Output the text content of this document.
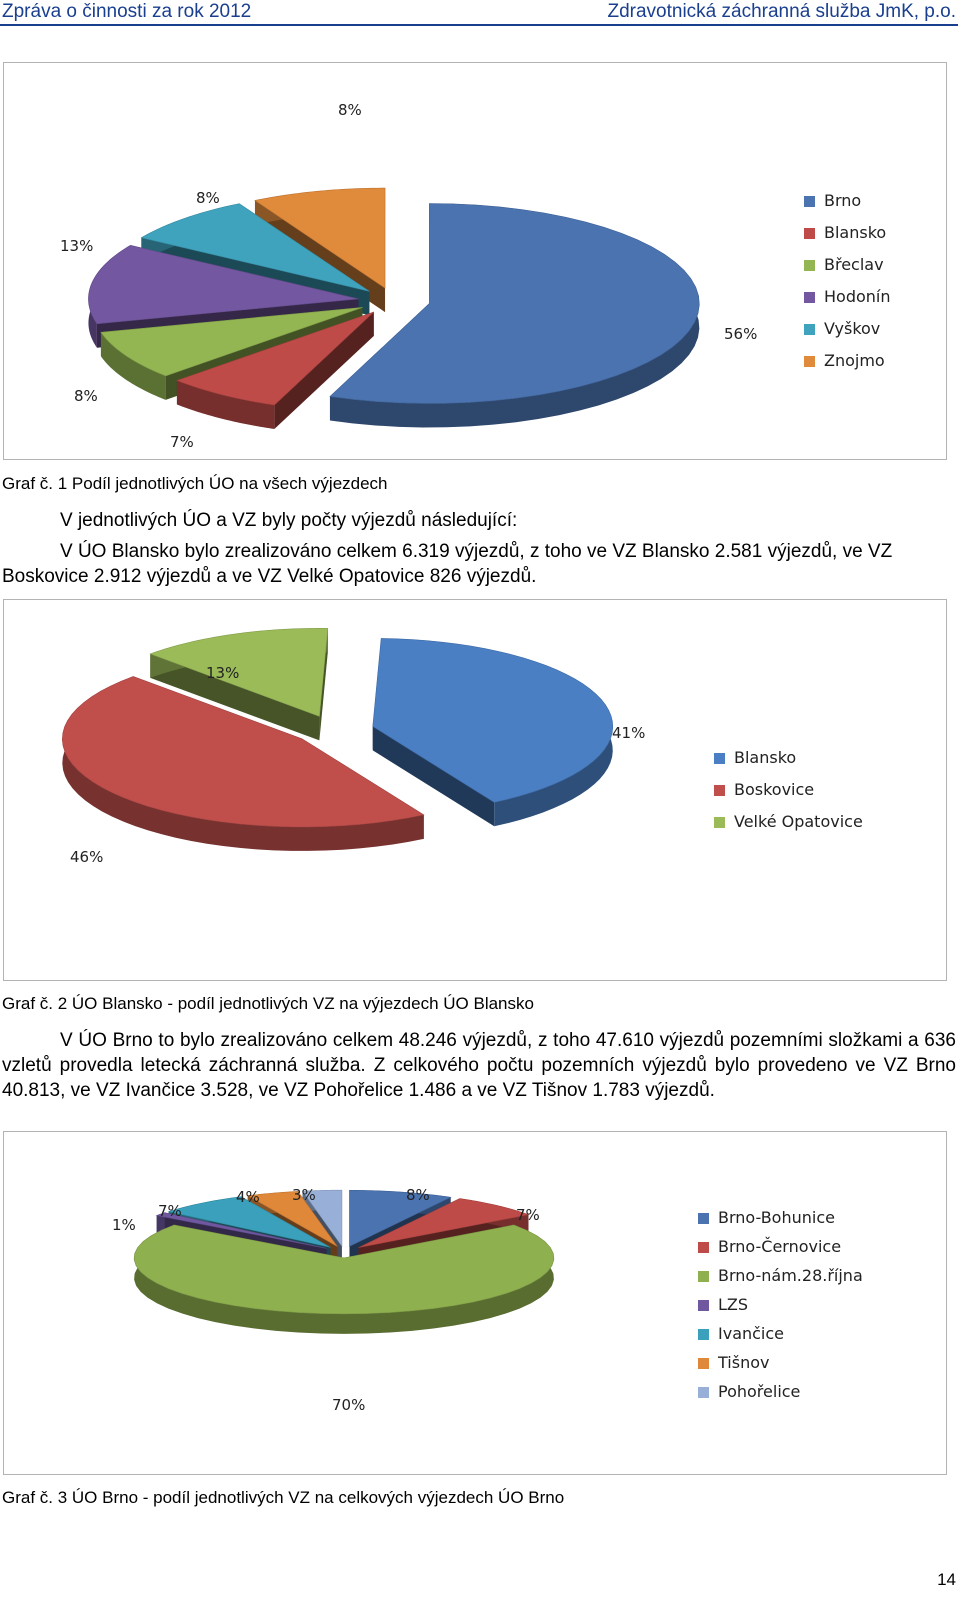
Zpráva o činnosti za rok 2012	Zdravotnická záchranná služba JmK, p.o.
56%
7%
8%
13%
8%
8%
Brno
Blansko
Břeclav
Hodonín
Vyškov
Znojmo
Graf č. 1 Podíl jednotlivých ÚO na všech výjezdech
V jednotlivých ÚO a VZ byly počty výjezdů následující:
V ÚO Blansko bylo zrealizováno celkem 6.319 výjezdů, z toho ve VZ Blansko 2.581 výjezdů, ve VZ Boskovice 2.912 výjezdů a ve VZ Velké Opatovice 826 výjezdů.
41%
46%
13%
Blansko
Boskovice
Velké Opatovice
Graf č. 2 ÚO Blansko - podíl jednotlivých VZ na výjezdech ÚO Blansko
V ÚO Brno to bylo zrealizováno celkem 48.246 výjezdů, z toho 47.610 výjezdů pozemními složkami a 636 vzletů provedla letecká záchranná služba. Z celkového počtu pozemních výjezdů bylo provedeno ve VZ Brno 40.813, ve VZ Ivančice 3.528, ve VZ Pohořelice 1.486 a ve VZ Tišnov 1.783 výjezdů.
8%
7%
70%
1%
7%
4% 3%
Brno-Bohunice
Brno-Černovice
Brno-nám.28.října
LZS
Ivančice
Tišnov
Pohořelice
Graf č. 3 ÚO Brno - podíl jednotlivých VZ na celkových výjezdech ÚO Brno
14
